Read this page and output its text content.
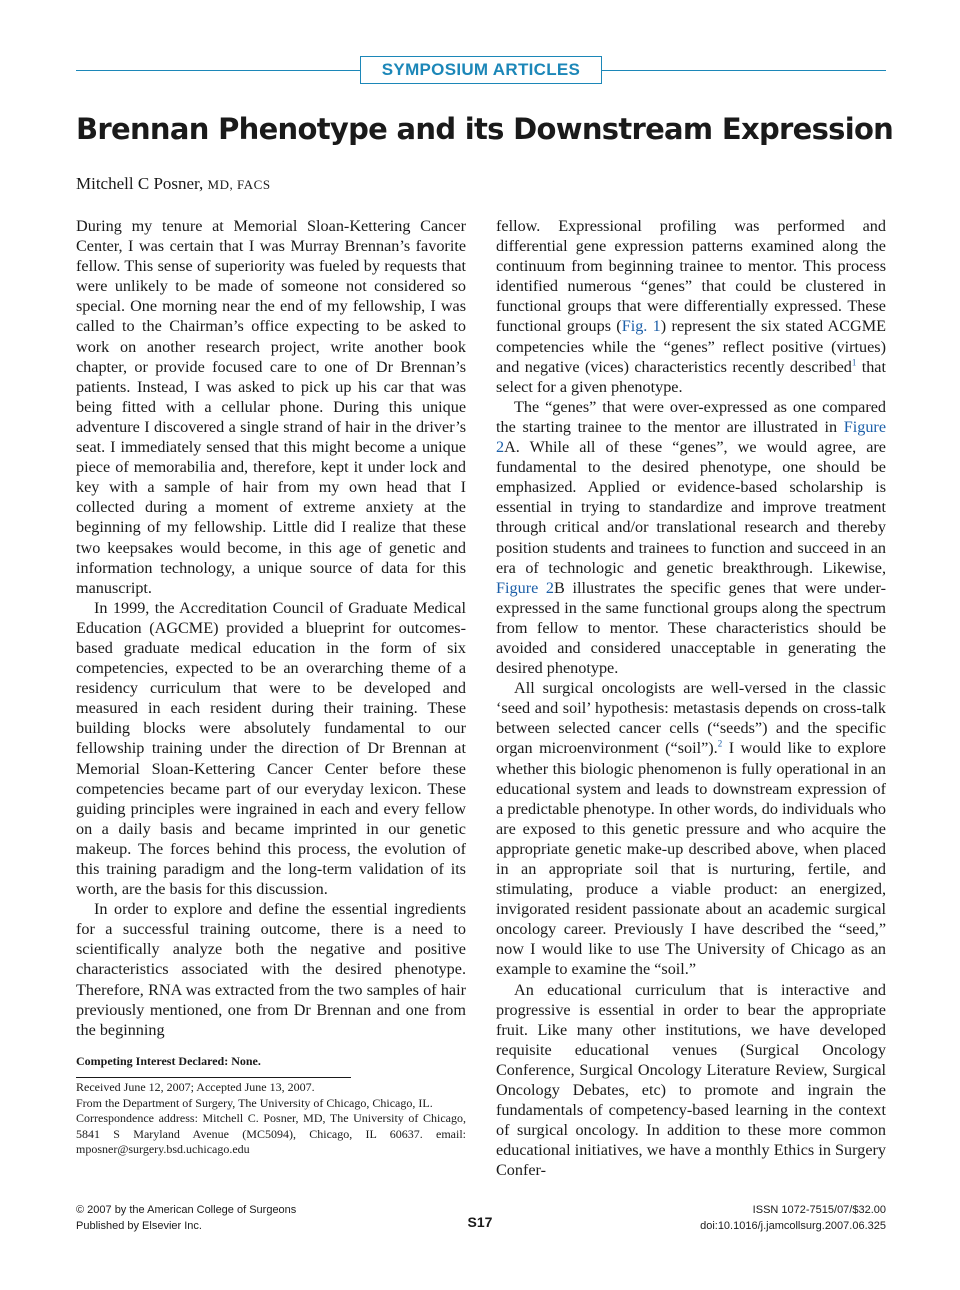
SYMPOSIUM ARTICLES
Brennan Phenotype and its Downstream Expression
Mitchell C Posner, MD, FACS

During my tenure at Memorial Sloan-Kettering Cancer Center, I was certain that I was Murray Brennan’s favorite fellow. This sense of superiority was fueled by requests that were unlikely to be made of someone not considered so special. One morning near the end of my fellowship, I was called to the Chairman’s office expecting to be asked to work on another research project, write another book chapter, or provide focused care to one of Dr Brennan’s patients. Instead, I was asked to pick up his car that was being fitted with a cellular phone. During this unique adventure I discovered a single strand of hair in the driver’s seat. I immediately sensed that this might become a unique piece of memorabilia and, therefore, kept it under lock and key with a sample of hair from my own head that I collected during a moment of extreme anxiety at the beginning of my fellowship. Little did I realize that these two keepsakes would become, in this age of genetic and information technology, a unique source of data for this manuscript.

In 1999, the Accreditation Council of Graduate Medical Education (AGCME) provided a blueprint for outcomes-based graduate medical education in the form of six competencies, expected to be an overarching theme of a residency curriculum that were to be developed and measured in each resident during their training. These building blocks were absolutely fundamental to our fellowship training under the direction of Dr Brennan at Memorial Sloan-Kettering Cancer Center before these competencies became part of our everyday lexicon. These guiding principles were ingrained in each and every fellow on a daily basis and became imprinted in our genetic makeup. The forces behind this process, the evolution of this training paradigm and the long-term validation of its worth, are the basis for this discussion.

In order to explore and define the essential ingredients for a successful training outcome, there is a need to scientifically analyze both the negative and positive characteristics associated with the desired phenotype. Therefore, RNA was extracted from the two samples of hair previously mentioned, one from Dr Brennan and one from the beginning

fellow. Expressional profiling was performed and differential gene expression patterns examined along the continuum from beginning trainee to mentor. This process identified numerous “genes” that could be clustered in functional groups that were differentially expressed. These functional groups (Fig. 1) represent the six stated ACGME competencies while the “genes” reflect positive (virtues) and negative (vices) characteristics recently described$^1$ that select for a given phenotype.

The “genes” that were over-expressed as one compared the starting trainee to the mentor are illustrated in Figure 2A. While all of these “genes”, we would agree, are fundamental to the desired phenotype, one should be emphasized. Applied or evidence-based scholarship is essential in trying to standardize and improve treatment through critical and/or translational research and thereby position students and trainees to function and succeed in an era of technologic and genetic breakthrough. Likewise, Figure 2B illustrates the specific genes that were under-expressed in the same functional groups along the spectrum from fellow to mentor. These characteristics should be avoided and considered unacceptable in generating the desired phenotype.

All surgical oncologists are well-versed in the classic ‘seed and soil’ hypothesis: metastasis depends on cross-talk between selected cancer cells (“seeds”) and the specific organ microenvironment (“soil”).$^2$ I would like to explore whether this biologic phenomenon is fully operational in an educational system and leads to downstream expression of a predictable phenotype. In other words, do individuals who are exposed to this genetic pressure and who acquire the appropriate genetic make-up described above, when placed in an appropriate soil that is nurturing, fertile, and stimulating, produce a viable product: an energized, invigorated resident passionate about an academic surgical oncology career. Previously I have described the “seed,” now I would like to use The University of Chicago as an example to examine the “soil.”

An educational curriculum that is interactive and progressive is essential in order to bear the appropriate fruit. Like many other institutions, we have developed requisite educational venues (Surgical Oncology Conference, Surgical Oncology Literature Review, Surgical Oncology Debates, etc) to promote and ingrain the fundamentals of competency-based learning in the context of surgical oncology. In addition to these more common educational initiatives, we have a monthly Ethics in Surgery Confer-

Competing Interest Declared: None.

Received June 12, 2007; Accepted June 13, 2007.

From the Department of Surgery, The University of Chicago, Chicago, IL.

Correspondence address: Mitchell C. Posner, MD, The University of Chicago, 5841 S Maryland Avenue (MC5094), Chicago, IL 60637. email: mposner@surgery.bsd.uchicago.edu

© 2007 by the American College of Surgeons
Published by Elsevier Inc.	S17
ISSN 1072-7515/07/$32.00
doi:10.1016/j.jamcollsurg.2007.06.325
